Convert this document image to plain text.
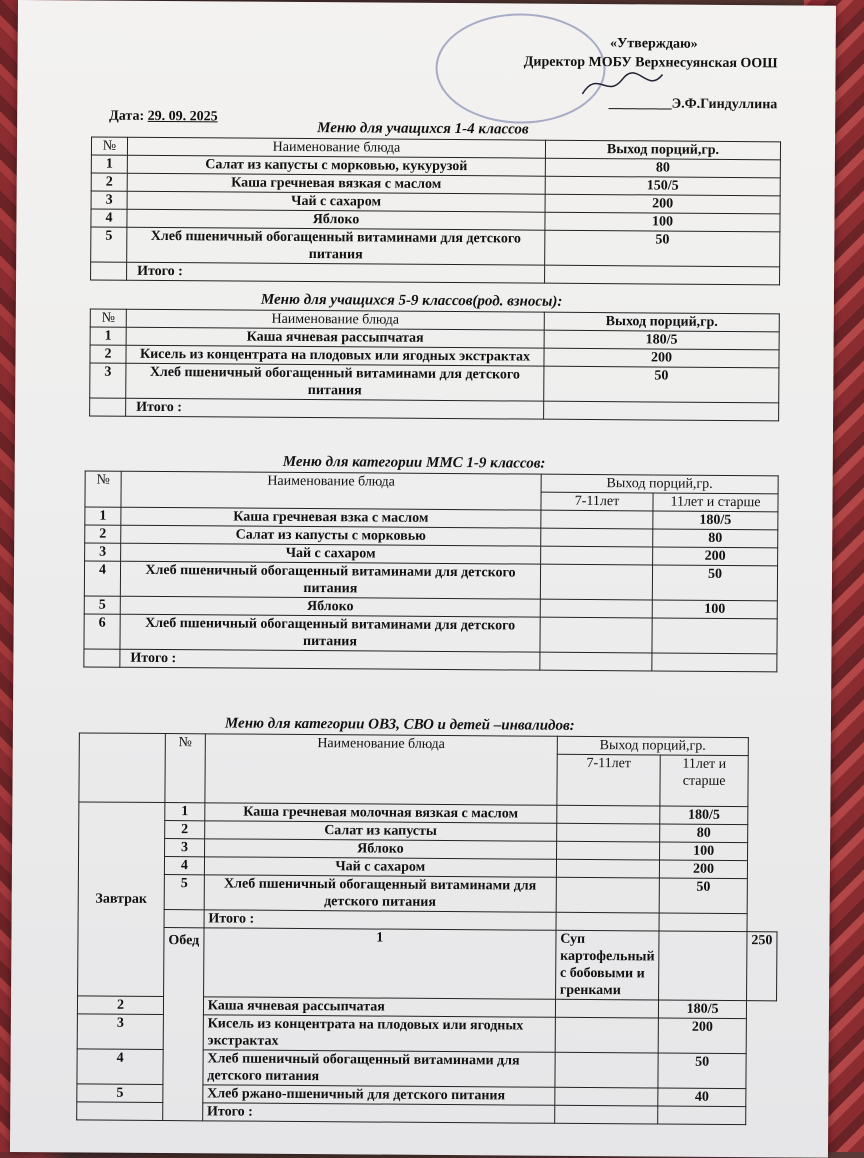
«Утверждаю»
Директор МОБУ Верхнесуянская ООШ
_________Э.Ф.Гиндуллина
Дата: 29. 09. 2025
Меню для учащихся 1-4 классов
№	Наименование блюда	Выход порций,гр.
1	Салат из капусты с морковью, кукурузой	80
2	Каша гречневая вязкая с маслом	150/5
3	Чай с сахаром	200
4	Яблоко	100
5	Хлеб пшеничный обогащенный витаминами для детского питания	50
	Итого :	
Меню для учащихся 5-9 классов(род. взносы):
№	Наименование блюда	Выход порций,гр.
1	Каша ячневая рассыпчатая	180/5
2	Кисель из концентрата на плодовых или ягодных экстрактах	200
3	Хлеб пшеничный обогащенный витаминами для детского питания	50
	Итого :	
Меню для категории ММС 1-9 классов:
№	Наименование блюда	Выход порций,гр.	
		7-11лет	11лет и старше
1	Каша гречневая взка с маслом		180/5
2	Салат из капусты с морковью		80
3	Чай с сахаром		200
4	Хлеб пшеничный обогащенный витаминами для детского питания		50
5	Яблоко		100
6	Хлеб пшеничный обогащенный витаминами для детского питания		
	Итого :		
Меню для категории ОВЗ, СВО и детей –инвалидов:
	№	Наименование блюда	Выход порций,гр.		
			7-11лет	11лет и старше	
Завтрак	1	Каша гречневая молочная вязкая с маслом		180/5	
	2	Салат из капусты		80	
	3	Яблоко		100	
	4	Чай с сахаром		200	
	5	Хлеб пшеничный обогащенный витаминами для детского питания		50	
		Итого :			
	Обед	1	Суп картофельный с бобовыми и гренками		250
2		Каша ячневая рассыпчатая		180/5	
3		Кисель из концентрата на плодовых или ягодных экстрактах		200	
4		Хлеб пшеничный обогащенный витаминами для детского питания		50	
5		Хлеб ржано-пшеничный для детского питания		40	
		Итого :			
